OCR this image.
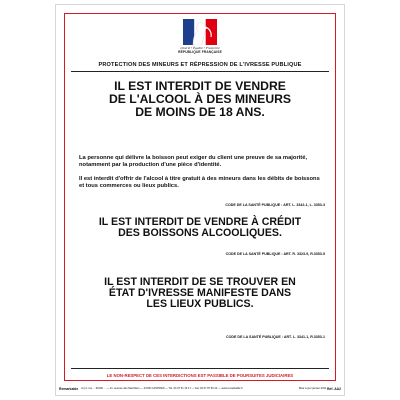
Liberté • Égalité • Fraternité
RÉPUBLIQUE FRANÇAISE
PROTECTION DES MINEURS ET RÉPRESSION DE L'IVRESSE PUBLIQUE
IL EST INTERDIT DE VENDRE
DE L'ALCOOL À DES MINEURS
DE MOINS DE 18 ANS.
La personne qui délivre la boisson peut exiger du client une preuve de sa majorité, notamment par la production d'une pièce d'identité.
Il est interdit d'offrir de l'alcool à titre gratuit à des mineurs dans les débits de boissons et tous commerces ou lieux publics.
CODE DE LA SANTÉ PUBLIQUE : ART. L. 3342-1, L. 3353-3
IL EST INTERDIT DE VENDRE À CRÉDIT
DES BOISSONS ALCOOLIQUES.
CODE DE LA SANTÉ PUBLIQUE : ART. R. 3323-9, R.3353-5
IL EST INTERDIT DE SE TROUVER EN
ÉTAT D'IVRESSE MANIFESTE DANS
LES LIEUX PUBLICS.
CODE DE LA SANTÉ PUBLIQUE : ART. L. 3341-1, R.3353-1
LE NON-RESPECT DE CES INTERDICTIONS EST PASSIBLE DE POURSUITES JUDICIAIRES
Remarkable imp 1 rue ... 31000 ... — 41, avenue des Marchiers — 44700 CASTRIES — Tél. 04 67 51 16 17 — Fax 04 67 87 65 43 — www.remarkable.fr	Mise à jour janvier 2011
Réf. AA2
